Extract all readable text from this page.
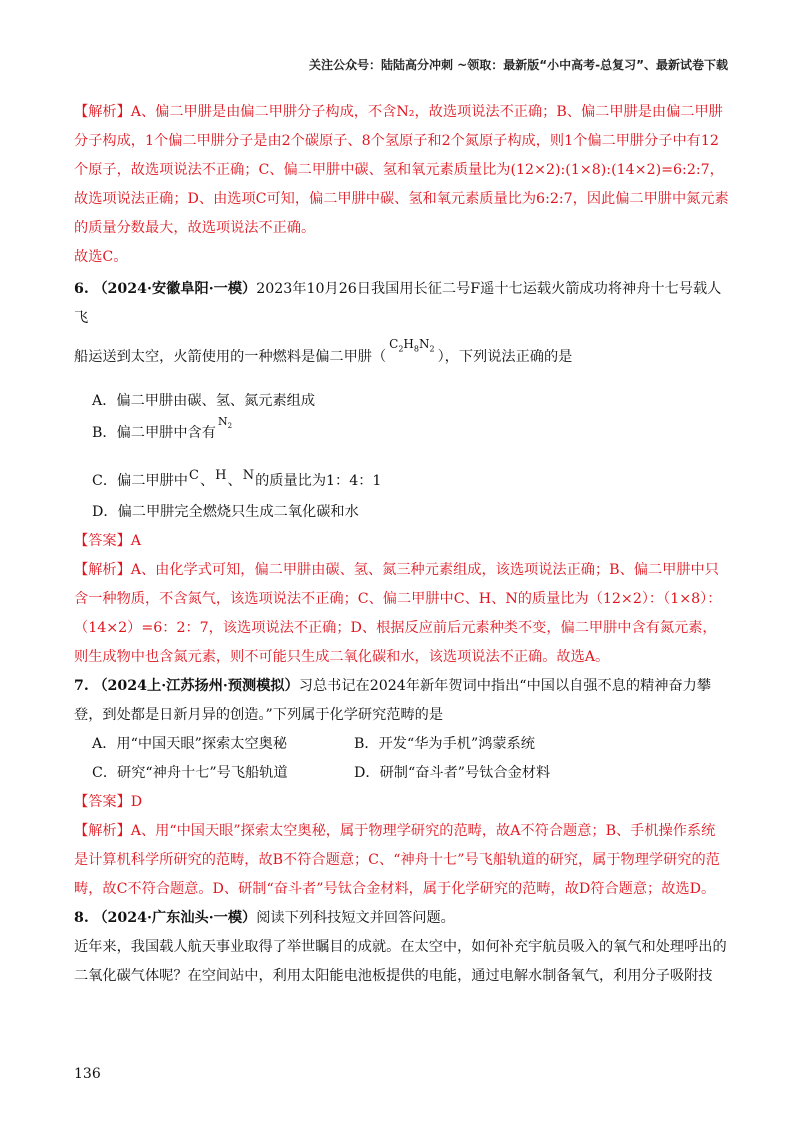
关注公众号：陆陆高分冲刺 ~领取：最新版“小中高考-总复习”、最新试卷下载

【解析】A、偏二甲肼是由偏二甲肼分子构成，不含N₂，故选项说法不正确；B、偏二甲肼是由偏二甲肼分子构成，1个偏二甲肼分子是由2个碳原子、8个氢原子和2个氮原子构成，则1个偏二甲肼分子中有12个原子，故选项说法不正确；C、偏二甲肼中碳、氢和氧元素质量比为(12×2):(1×8):(14×2)=6:2:7，故选项说法正确；D、由选项C可知，偏二甲肼中碳、氢和氧元素质量比为6:2:7，因此偏二甲肼中氮元素的质量分数最大，故选项说法不正确。

故选C。

6. （2024·安徽阜阳·一模）2023年10月26日我国用长征二号F遥十七运载火箭成功将神舟十七号载人飞

船运送到太空，火箭使用的一种燃料是偏二甲肼$(C_2H_8N_2)$，下列说法正确的是

A．偏二甲肼由碳、氢、氮元素组成

B．偏二甲肼中含有$N_2$

C．偏二甲肼中C、H、N的质量比为1：4：1

D．偏二甲肼完全燃烧只生成二氧化碳和水

【答案】A

【解析】A、由化学式可知，偏二甲肼由碳、氢、氮三种元素组成，该选项说法正确；B、偏二甲肼中只含一种物质，不含氮气，该选项说法不正确；C、偏二甲肼中C、H、N的质量比为（12×2）：（1×8）：（14×2）=6：2：7，该选项说法不正确；D、根据反应前后元素种类不变，偏二甲肼中含有氮元素，则生成物中也含氮元素，则不可能只生成二氧化碳和水，该选项说法不正确。故选A。

7. （2024上·江苏扬州·预测模拟）习总书记在2024年新年贺词中指出“中国以自强不息的精神奋力攀登，到处都是日新月异的创造。”下列属于化学研究范畴的是

A．用“中国天眼”探索太空奥秘	B．开发“华为手机”鸿蒙系统
C．研究“神舟十七”号飞船轨道	D．研制“奋斗者”号钛合金材料

【答案】D

【解析】A、用“中国天眼”探索太空奥秘，属于物理学研究的范畴，故A不符合题意；B、手机操作系统是计算机科学所研究的范畴，故B不符合题意；C、“神舟十七”号飞船轨道的研究，属于物理学研究的范畴，故C不符合题意。D、研制“奋斗者”号钛合金材料，属于化学研究的范畴，故D符合题意；故选D。

8. （2024·广东汕头·一模）阅读下列科技短文并回答问题。

近年来，我国载人航天事业取得了举世瞩目的成就。在太空中，如何补充宇航员吸入的氧气和处理呼出的二氧化碳气体呢？在空间站中，利用太阳能电池板提供的电能，通过电解水制备氧气，利用分子吸附技

136
